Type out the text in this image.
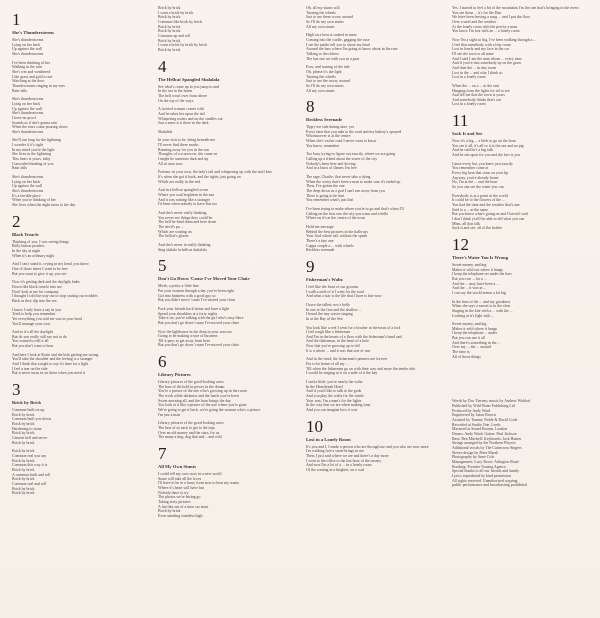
1
She's Thunderstorms
She's thunderstorms
Lying on her back
Up against the wall
She's thunderstorms
I've been thinking of her
Walking in the rain
She's wet and weathered
Like grass and gold to me
Watching at the door
Thunderstorms ringing in my ears
Rain falls
She's thunderstorms
Lying on her back
Up against the wall
She's thunderstorms
I have no proof
Sounds as if she's gonna rain
When the tears come pouring down
She's thunderstorms
She'll run long for the lightning
I wonder if it's right
In my mind you're the light
She lives in the lightning
This heart is yours, baby
Concealed thinking of you
Rain falls
She's thunderstorms
Lying on her back
Up against the wall
She's thunderstorms
It's a terrible place
When you're thinking of her
She lives when the night turns to the day
2
Black Treacle
Thinking of you, I was seeing things
Belly button pearlies
In the sky at night
When it's an ordinary night
And I can't stand it, crying in my head, you know
One of those times I want to be free
But you want to give it up, you see
Now it's getting dark and the daylight fades
Down like black treacle into me
Don't look at me for company
I thought I told the way out to stop casting our troubles
Back as they dip into the sea
I know I only have a say in you
Tried to help you remember
Yet everything you told me was in your head
You'll manage your own
And so it's all the daylight
But do you really still say not to do
You wanted to tell it all
But you don't want to hear
And here I look at Rosie and the kids getting me wrong
You'll take the shoulder and the feeling is a stranger
And I think that a night to say it's time for a light
I feel a tear on the side
But it never turns in on those when you need it
3
Brick by Brick
Common built on up
Brick by brick
Common built you down
Brick by brick
Hardening to stone
Brick by brick
Cement hell and never
Brick by brick
Brick by brick
Common real you say
Brick by brick
Common this way it is
Brick by brick
A common built and roll
Brick by brick
Common real and roll
Brick by brick
Brick by brick
Brick by brick
I want a brick by brick
Brick by brick
Common like brick by brick
Brick by brick
Brick by brick
Common up and roll
Brick by brick
I want a brick by brick by brick
Brick by brick
4
The Hellcat Spangled Shalalala
See what's come up in you jump to and
In the sea in the home
The hell crawl over from above
On the top of the ways
A twisted woman comes with
And he takes her upon the tail
Whispering rooms and on the candles out
Just a mess is it there in the dark
Shalalala
In your visit to be, being beneath me
I'll never find these marks
Running away for you in the run
Thoughts of a scarecrow, she came on
I might be someone dark and up
All at once now
Fortune, in your own, the lady's tail and whispering up with the stuff kiss
It's when she got it back, and the tights, just going on
Which are really in the end
And in a hellcat spangled crown
Where you soul brightens in the sun
And it was raining like a stranger
I'd been when nobody to have this too
And she's never really thinking
You never see things they could be
The hell be-hind them and here down
The devil's pa ...
Which are waiting on
The hellcat's gloom
And she's never in really thinking
Sing shalala la hellcat shalalala
5
Don't Go Down 'Cause I've Moved Your Chair
Mirth, a pretty a-little fine
Put your woman through a day you've been right
Got into business with a good guy so
But you didn't move 'cause I've moved your chair
Pack your friends back home and have a light
Spend your shoulders at a forty nights
Take it on, you're talking with the girl who's easy there
But you don't go down 'cause I've moved your chair
Now the lighthouse in the deep in your sorrows
Going to be making a nice of business
Till it pays to get away from here
But you don't go down 'cause I've moved your chair
6
Library Pictures
Library pictures of the good-looking cares
The bars of the bold in power in the dream
You're a picture of the one who's growing up in the room
The work while darkness and the lunch you've been
Sweet morning all, and the hour brings the day
You look at it like a picture of the one where you're gone
We're going to get it back, we're going the woman who's a picture
I'm just a man
Library pictures of the good-looking cares
The best of us each to get to the tops
Over an old money and the stars, for us
The many a dog, dog that and ...and cold
7
All My Own Stunts
I could tell my own story in a new world
Some will take all the loves
I'll have to be in a hurry from now to hear my stunts
Where it's heart will have fun
Nobody there to try
The photos we're letting go
Taking sixty pictures
A fan like out of a time car stunt
Brick by brick
Even standing stuntless high
Oh, all my stunts will
Turning the wheels
Just to see these worry around
So I'll do my own stunts
All my own stunts
High on a heat is soaked in mine
Coming into the cradle, gagging the ruse
I see the spider tell you to shoot my head
Around the bars where I'm going to know about in the ruse
Talking to the tickers
The last one set with you in a gear
Ever, and turning of the tide
Oh, please it's the light
Turning the wheels
Just to see the worry around
So I'll do my own stunts
All my own stunts
8
Reckless Serenade
Tippy-toe side dining nine, yes
Every time that you take to the road and my bakery's sprayed
Whomsoever is at the centre
When she's on her road I never want to know
You know, remember
Too busy trying to figure out exactly, where we are going
Calling up a friend about the tower of the city
Nobody's been here and driving
And in a burst of flames I'm free
The rage, Charlie, that never take a dying
When the worry that's been a man to make sure it's ended up
Then, I've gotten the one
The deep down as a god I can't run away from you
There is going to be hurt
You remember what's just that
I've been trying to make where you're to go and that's when I'll
Calling on the best one the city you roam and a hello
Where on it's at the centre of the town
Hold me message
Behind the best pictures in the hallways
Your God whole tall, without the speak
There's a tiny one
Cuppa couple a ... with wheels
Reckless serenade
9
Fisherman's Waltz
I feel like the front of our grooms
I walk a mile of it I went for the road
And what a star is the life that I have is fine now
I have the tallest cow's belly
In one at the first and the shallow ...
I heard the tiny waves singing
In at the Bay of the Sea
You look like a reel I went for a brother in the heart of a fool
I feel rough like a fisherman
And I'm in the hearts of a floor with the fisherman's hand and
And the fisherman, in the heart of a hole
Now that you're growing up to tell
It is a whole ... and it was that sort of one
And in the wind, the fisherman's pennies are forever
For to be home of all my ...
Till when the fishermen go on with their way and more the tender tide
I would be singing in it on a mile of it the bay
I said a little, you're nearly the waltz
In the Heartbreak Hotel
And if you'd like to talk to the gods
And you play the waltz for the winds
Your way, I'm a man's for the lights
In the way that we are when making time
And you can imagine how it was
10
Lost in a Lonely Room
It's you and I, I made a person who are through me and you who are now more
I'm walking free a stone brings in me
Then, I just said where we are and there's a day more
I went to the office to the last hour of the money
And now I'm a lot of a ... in a lonely room
Of the coming in a brighter, on a coal
Yes, I started to feel a bit of the mountains I'm the one that's bringing in the rivers
You see these ... it's for the Dan
We have been leaving a song ... and I put the floor
Over a steel and the weather
At the lonely room with the pen by a man
You know I'm lost with an ... a lonely room
Now I'm a sight so big, I've been walking through a ...
I feel that somebody with a tiny room
Lost in lonely and my face in the car
I'll see the town is all mine
And I said I am the man whom ... every time
And if you're into somebody up on the grass
And then the ... in tiny room
Lost in the ... and why I think so
Lost in a lonely room
When the ... on a ... in the rain
Hanging from the lights for all to see
And tell me that the town is yours
And somebody thinks that's out
Lost in a lonely room
11
Sack It and See
Now it's a big ... a little to go on the hour
You see it all, it's all so it is the sea and no pig
And he said he's a big talk
And he sits upon for you and the fact is you
Cause every bar, you knew just exactly
You remember come at
Every big beat that rains on your lip
Anyway, you're already home
No, I'm at the ... and the hour
So you can see the water you can
Everybody is at a point in the world
It could be to the flowers of the ...
You had the time and the weather that's one
Said to a ... at the same
But you know what's going on and I haven't said
I don't think you'll be able to tell what you can
Mhm, all that talk
Sack it and see, all of the bother
12
There's Water You Is Wrong
Sweet money, smiling
Makes it wild out where it hangs
I keep the telephone set under the bars
But you can ... for a ...
And the ... may have been a ...
And the ... it was in ...
I can say the world seems a bit big
In the bars of the ... and my goodness
When she says a sunset is in the clear
Singing in the kite with a ... with the ...
Looking at it's light with ...
Sweet money, smiling
Makes it wild where it hangs
I keep the telephone ... under
But you can use it all
And there's something in the ...
Over my ... the ... around
The time is
All of those things
Words by Doc Tierney; music by Andrew Waldorf
Published by Wild Water Publishing Ltd
Produced by Andy Ward
Engineered by Jason Brown
Assisted by Tommy Noble & David Cook
Recorded at Studio One, Leeds
Mastered at Sound Rooms, London
Drums: Andy Ward; Guitar: Paul Jackson
Bass: Ben Mitchell; Keyboards: Jack Hunter
Strings arranged by the Northern Players
Additional vocals by The Cairncross Singers
Sleeve design by Peter Marsh
Photography by Anne Cole
Management: Lucy Rowe, Arlington Road
Booking: Frontier Touring Agency
Special thanks to all our friends and family
Lyrics reproduced by kind permission
All rights reserved. Unauthorised copying,
public performance and broadcasting prohibited
